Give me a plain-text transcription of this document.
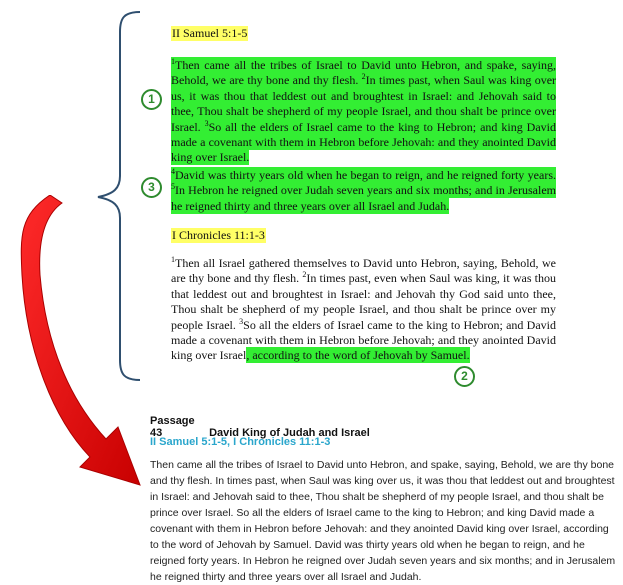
II Samuel 5:1-5

$^1$Then came all the tribes of Israel to David unto Hebron, and spake, saying, Behold, we are thy bone and thy flesh. $^2$In times past, when Saul was king over us, it was thou that leddest out and broughtest in Israel: and Jehovah said to thee, Thou shalt be shepherd of my people Israel, and thou shalt be prince over Israel. $^3$So all the elders of Israel came to the king to Hebron; and king David made a covenant with them in Hebron before Jehovah: and they anointed David king over Israel.

$^4$David was thirty years old when he began to reign, and he reigned forty years. $^5$In Hebron he reigned over Judah seven years and six months; and in Jerusalem he reigned thirty and three years over all Israel and Judah.

I Chronicles 11:1-3

$^1$Then all Israel gathered themselves to David unto Hebron, saying, Behold, we are thy bone and thy flesh. $^2$In times past, even when Saul was king, it was thou that leddest out and broughtest in Israel: and Jehovah thy God said unto thee, Thou shalt be shepherd of my people Israel, and thou shalt be prince over my people Israel. $^3$So all the elders of Israel came to the king to Hebron; and David made a covenant with them in Hebron before Jehovah; and they anointed David king over Israel, according to the word of Jehovah by Samuel.

1
3
2
Passage 43	David King of Judah and Israel
II Samuel 5:1-5, I Chronicles 11:1-3

Then came all the tribes of Israel to David unto Hebron, and spake, saying, Behold, we are thy bone and thy flesh. In times past, when Saul was king over us, it was thou that leddest out and broughtest in Israel: and Jehovah said to thee, Thou shalt be shepherd of my people Israel, and thou shalt be prince over Israel. So all the elders of Israel came to the king to Hebron; and king David made a covenant with them in Hebron before Jehovah: and they anointed David king over Israel, according to the word of Jehovah by Samuel. David was thirty years old when he began to reign, and he reigned forty years. In Hebron he reigned over Judah seven years and six months; and in Jerusalem he reigned thirty and three years over all Israel and Judah.
